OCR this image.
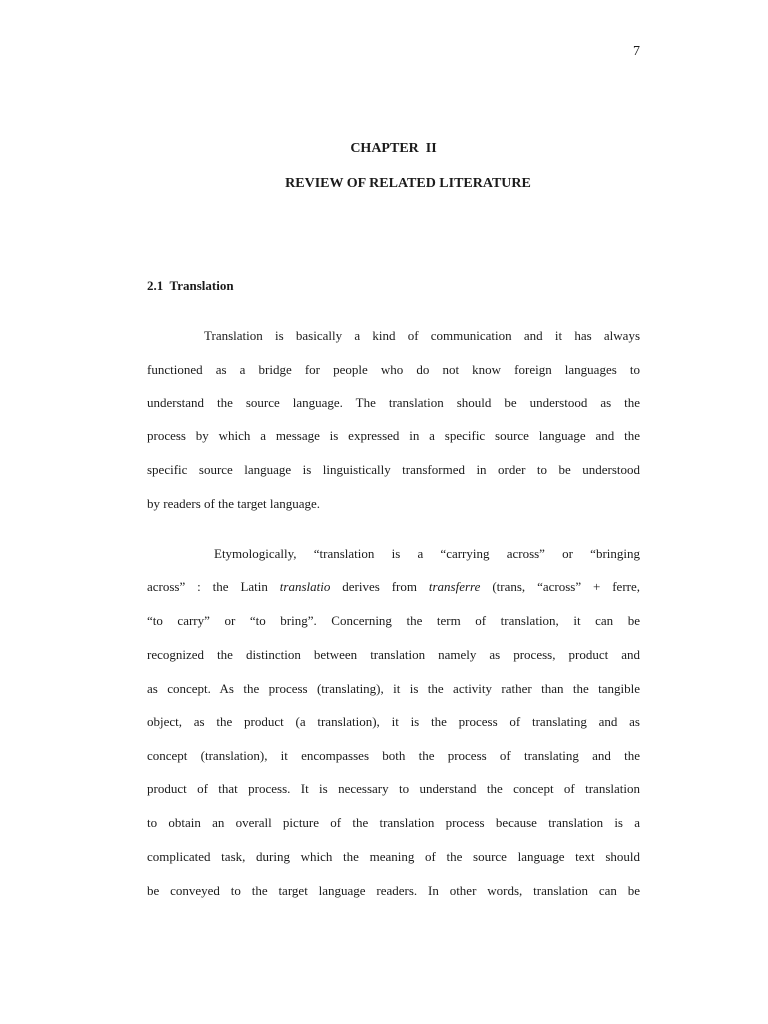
7
CHAPTER  II
REVIEW OF RELATED LITERATURE
2.1  Translation
Translation is basically a kind of communication and it has always
functioned as a bridge for people who do not know foreign languages to
understand the source language. The translation should be understood as the
process by which a message is expressed in a specific source language and the
specific source language is linguistically transformed in order to be understood
by readers of the target language.
Etymologically, “translation is a “carrying across” or “bringing
across” : the Latin translatio derives from transferre (trans, “across” + ferre,
“to carry” or “to bring”. Concerning the term of translation, it can be
recognized the distinction between translation namely as process, product and
as concept. As the process (translating), it is the activity rather than the tangible
object, as the product (a translation), it is the process of translating and as
concept (translation), it encompasses both the process of translating and the
product of that process. It is necessary to understand the concept of translation
to obtain an overall picture of the translation process because translation is a
complicated task, during which the meaning of the source language text should
be conveyed to the target language readers. In other words, translation can be
